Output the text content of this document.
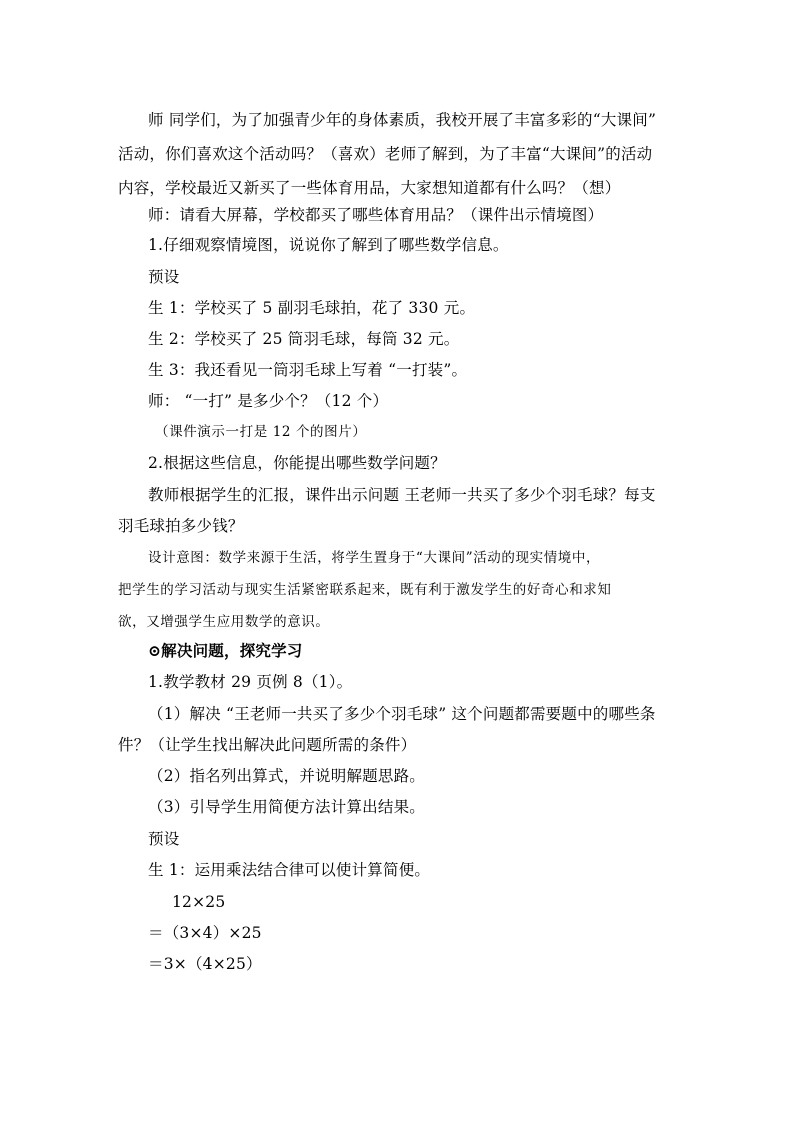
师 同学们，为了加强青少年的身体素质，我校开展了丰富多彩的“大课间”
活动，你们喜欢这个活动吗？（喜欢）老师了解到，为了丰富“大课间”的活动
内容，学校最近又新买了一些体育用品，大家想知道都有什么吗？（想）
师：请看大屏幕，学校都买了哪些体育用品？（课件出示情境图）
1.仔细观察情境图，说说你了解到了哪些数学信息。
预设
生 1：学校买了 5 副羽毛球拍，花了 330 元。
生 2：学校买了 25 筒羽毛球，每筒 32 元。
生 3：我还看见一筒羽毛球上写着 “一打装”。
师： “一打” 是多少个？（12 个）
（课件演示一打是 12 个的图片）
2.根据这些信息，你能提出哪些数学问题？
教师根据学生的汇报，课件出示问题 王老师一共买了多少个羽毛球？每支
羽毛球拍多少钱？
设计意图：数学来源于生活，将学生置身于“大课间”活动的现实情境中，
把学生的学习活动与现实生活紧密联系起来，既有利于激发学生的好奇心和求知
欲，又增强学生应用数学的意识。
⊙解决问题，探究学习
1.教学教材 29 页例 8（1）。
（1）解决 “王老师一共买了多少个羽毛球” 这个问题都需要题中的哪些条
件？（让学生找出解决此问题所需的条件）
（2）指名列出算式，并说明解题思路。
（3）引导学生用简便方法计算出结果。
预设
生 1：运用乘法结合律可以使计算简便。
12×25
＝（3×4）×25
＝3×（4×25）
